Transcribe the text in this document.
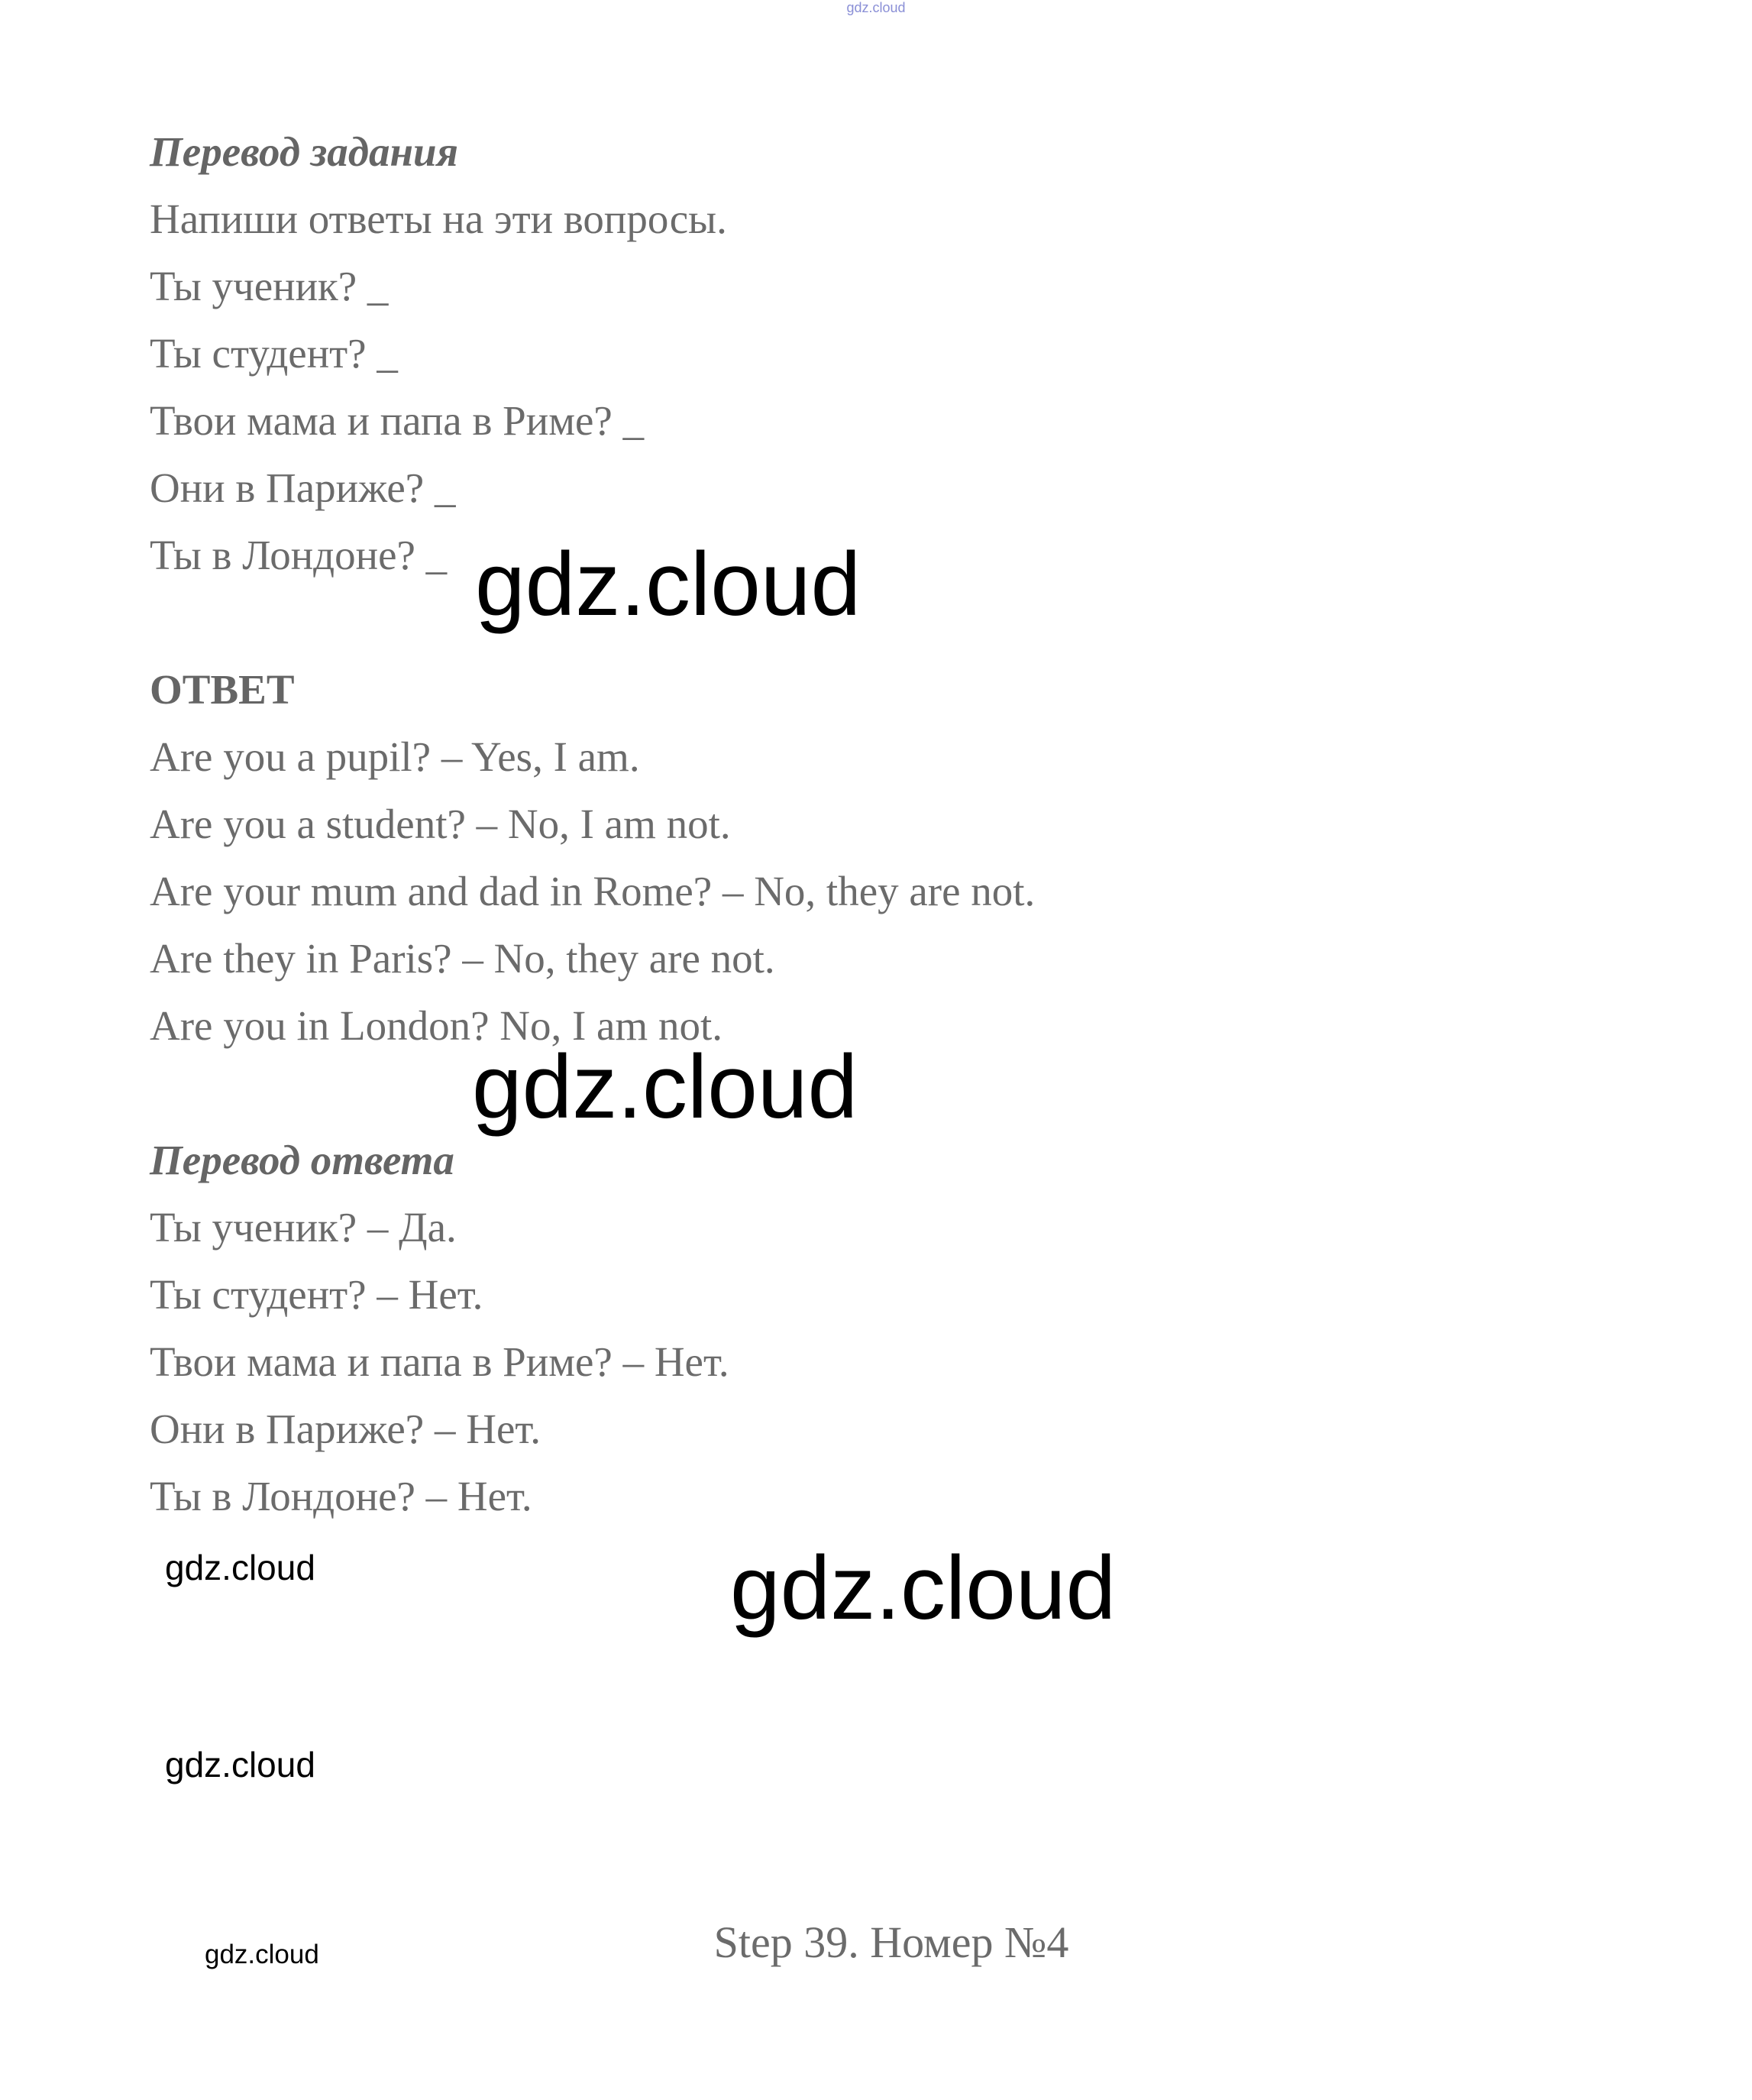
gdz.cloud
Перевод задания
Напиши ответы на эти вопросы.
Ты ученик? _
Ты студент? _
Твои мама и папа в Риме? _
Они в Париже? _
Ты в Лондоне? _ gdz.cloud
ОТВЕТ
Are you a pupil? – Yes, I am.
Are you a student? – No, I am not.
Are your mum and dad in Rome? – No, they are not.
Are they in Paris? – No, they are not.
Are you in London? No, I am not.
gdz.cloud
Перевод ответа
Ты ученик? – Да.
Ты студент? – Нет.
Твои мама и папа в Риме? – Нет.
Они в Париже? – Нет.
Ты в Лондоне? – Нет.
gdz.cloud	gdz.cloud
gdz.cloud
gdz.cloud	Step 39. Номер №4
